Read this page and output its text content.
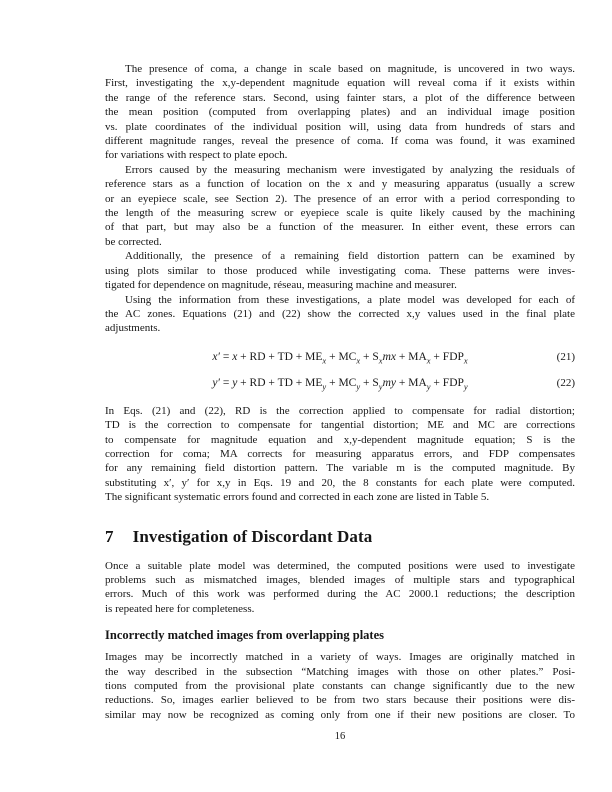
The presence of coma, a change in scale based on magnitude, is uncovered in two ways.
First, investigating the x,y-dependent magnitude equation will reveal coma if it exists within
the range of the reference stars. Second, using fainter stars, a plot of the difference between
the mean position (computed from overlapping plates) and an individual image position
vs. plate coordinates of the individual position will, using data from hundreds of stars and
different magnitude ranges, reveal the presence of coma. If coma was found, it was examined
for variations with respect to plate epoch.
Errors caused by the measuring mechanism were investigated by analyzing the residuals of
reference stars as a function of location on the x and y measuring apparatus (usually a screw
or an eyepiece scale, see Section 2). The presence of an error with a period corresponding to
the length of the measuring screw or eyepiece scale is quite likely caused by the machining
of that part, but may also be a function of the measurer. In either event, these errors can
be corrected.
Additionally, the presence of a remaining field distortion pattern can be examined by
using plots similar to those produced while investigating coma. These patterns were inves-
tigated for dependence on magnitude, réseau, measuring machine and measurer.
Using the information from these investigations, a plate model was developed for each of
the AC zones. Equations (21) and (22) show the corrected x,y values used in the final plate
adjustments.
x′ = x + RD + TD + $ME_x + MC_x + S_xmx + MA_x + FDP_x$	(21)
y′ = y + RD + TD + $ME_y + MC_y + S_ymy + MA_y + FDP_y$	(22)
In Eqs. (21) and (22), RD is the correction applied to compensate for radial distortion;
TD is the correction to compensate for tangential distortion; ME and MC are corrections
to compensate for magnitude equation and x,y-dependent magnitude equation; S is the
correction for coma; MA corrects for measuring apparatus errors, and FDP compensates
for any remaining field distortion pattern. The variable m is the computed magnitude. By
substituting x′, y′ for x,y in Eqs. 19 and 20, the 8 constants for each plate were computed.
The significant systematic errors found and corrected in each zone are listed in Table 5.
7 Investigation of Discordant Data
Once a suitable plate model was determined, the computed positions were used to investigate
problems such as mismatched images, blended images of multiple stars and typographical
errors. Much of this work was performed during the AC 2000.1 reductions; the description
is repeated here for completeness.
Incorrectly matched images from overlapping plates
Images may be incorrectly matched in a variety of ways. Images are originally matched in
the way described in the subsection “Matching images with those on other plates.” Posi-
tions computed from the provisional plate constants can change significantly due to the new
reductions. So, images earlier believed to be from two stars because their positions were dis-
similar may now be recognized as coming only from one if their new positions are closer. To
16
